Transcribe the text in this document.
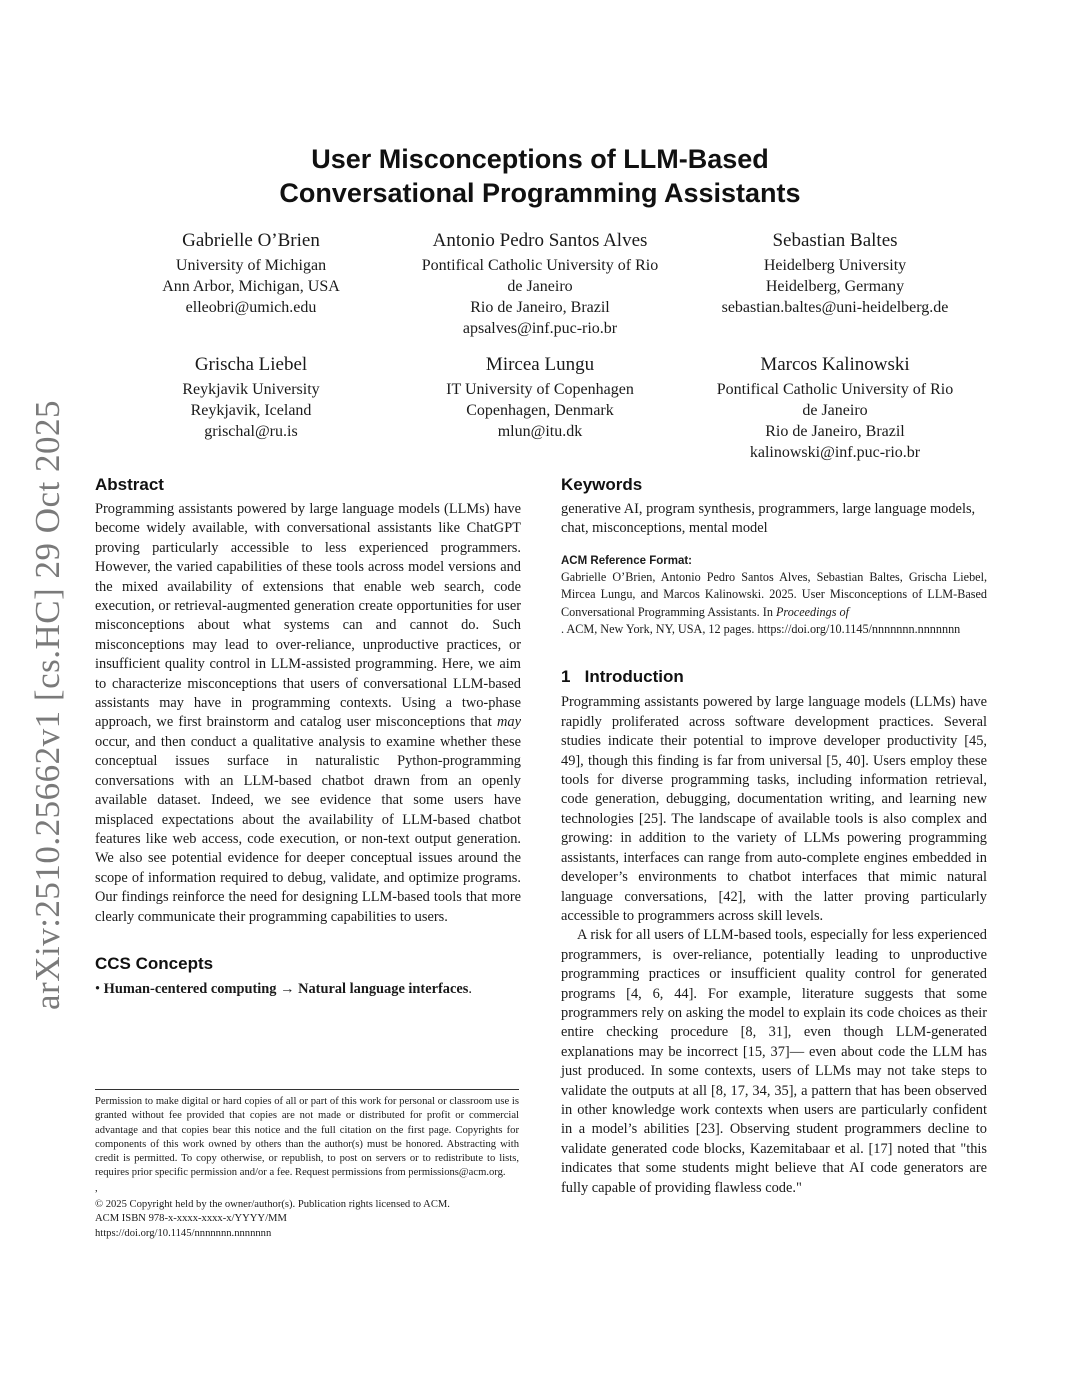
arXiv:2510.25662v1 [cs.HC] 29 Oct 2025
User Misconceptions of LLM-Based
Conversational Programming Assistants
Gabrielle O’Brien
University of Michigan
Ann Arbor, Michigan, USA
elleobri@umich.edu
Antonio Pedro Santos Alves
Pontifical Catholic University of Rio
de Janeiro
Rio de Janeiro, Brazil
apsalves@inf.puc-rio.br
Sebastian Baltes
Heidelberg University
Heidelberg, Germany
sebastian.baltes@uni-heidelberg.de
Grischa Liebel
Reykjavik University
Reykjavik, Iceland
grischal@ru.is
Mircea Lungu
IT University of Copenhagen
Copenhagen, Denmark
mlun@itu.dk
Marcos Kalinowski
Pontifical Catholic University of Rio
de Janeiro
Rio de Janeiro, Brazil
kalinowski@inf.puc-rio.br
Abstract

Programming assistants powered by large language models (LLMs) have become widely available, with conversational assistants like ChatGPT proving particularly accessible to less experienced programmers. However, the varied capabilities of these tools across model versions and the mixed availability of extensions that enable web search, code execution, or retrieval-augmented generation create opportunities for user misconceptions about what systems can and cannot do. Such misconceptions may lead to over-reliance, unproductive practices, or insufficient quality control in LLM-assisted programming. Here, we aim to characterize misconceptions that users of conversational LLM-based assistants may have in programming contexts. Using a two-phase approach, we first brainstorm and catalog user misconceptions that may occur, and then conduct a qualitative analysis to examine whether these conceptual issues surface in naturalistic Python-programming conversations with an LLM-based chatbot drawn from an openly available dataset. Indeed, we see evidence that some users have misplaced expectations about the availability of LLM-based chatbot features like web access, code execution, or non-text output generation. We also see potential evidence for deeper conceptual issues around the scope of information required to debug, validate, and optimize programs. Our findings reinforce the need for designing LLM-based tools that more clearly communicate their programming capabilities to users.

CCS Concepts

• Human-centered computing → Natural language interfaces.

Permission to make digital or hard copies of all or part of this work for personal or classroom use is granted without fee provided that copies are not made or distributed for profit or commercial advantage and that copies bear this notice and the full citation on the first page. Copyrights for components of this work owned by others than the author(s) must be honored. Abstracting with credit is permitted. To copy otherwise, or republish, to post on servers or to redistribute to lists, requires prior specific permission and/or a fee. Request permissions from permissions@acm.org.

,
© 2025 Copyright held by the owner/author(s). Publication rights licensed to ACM.
ACM ISBN 978-x-xxxx-xxxx-x/YYYY/MM
https://doi.org/10.1145/nnnnnnn.nnnnnnn
Keywords

generative AI, program synthesis, programmers, large language models, chat, misconceptions, mental model

ACM Reference Format:

Gabrielle O’Brien, Antonio Pedro Santos Alves, Sebastian Baltes, Grischa Liebel, Mircea Lungu, and Marcos Kalinowski. 2025. User Misconceptions of LLM-Based Conversational Programming Assistants. In Proceedings of
. ACM, New York, NY, USA, 12 pages. https://doi.org/10.1145/nnnnnnn.nnnnnnn

1 Introduction

Programming assistants powered by large language models (LLMs) have rapidly proliferated across software development practices. Several studies indicate their potential to improve developer productivity [45, 49], though this finding is far from universal [5, 40]. Users employ these tools for diverse programming tasks, including information retrieval, code generation, debugging, documentation writing, and learning new technologies [25]. The landscape of available tools is also complex and growing: in addition to the variety of LLMs powering programming assistants, interfaces can range from auto-complete engines embedded in developer’s environments to chatbot interfaces that mimic natural language conversations, [42], with the latter proving particularly accessible to programmers across skill levels.

A risk for all users of LLM-based tools, especially for less experienced programmers, is over-reliance, potentially leading to unproductive programming practices or insufficient quality control for generated programs [4, 6, 44]. For example, literature suggests that some programmers rely on asking the model to explain its code choices as their entire checking procedure [8, 31], even though LLM-generated explanations may be incorrect [15, 37]— even about code the LLM has just produced. In some contexts, users of LLMs may not take steps to validate the outputs at all [8, 17, 34, 35], a pattern that has been observed in other knowledge work contexts when users are particularly confident in a model’s abilities [23]. Observing student programmers decline to validate generated code blocks, Kazemitabaar et al. [17] noted that "this indicates that some students might believe that AI code generators are fully capable of providing flawless code."
